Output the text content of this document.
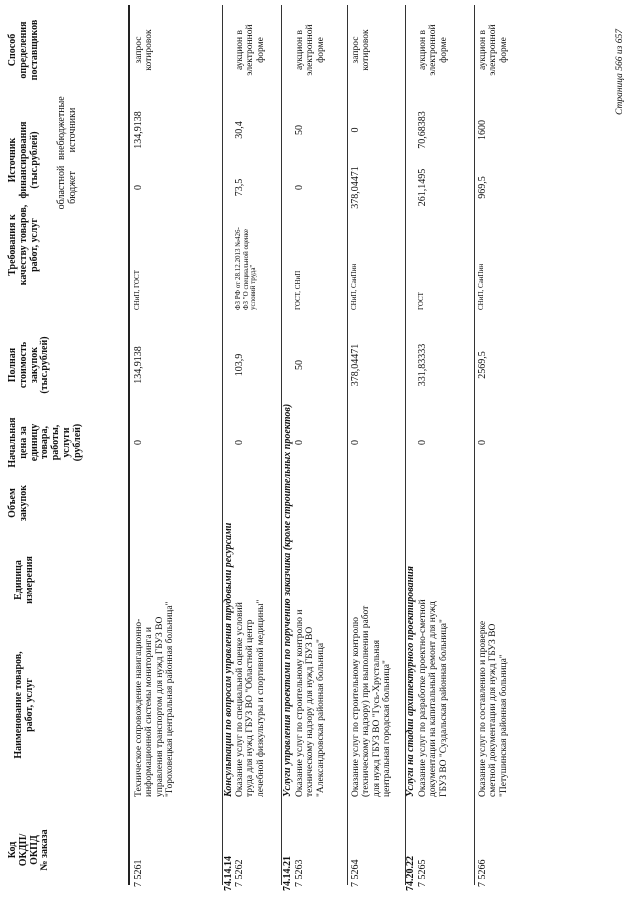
Код ОКДП/ ОКПД № заказа
Наименование товаров, работ, услуг
Единица измерения
Объем закупок
Начальная цена за единицу товара, работы, услуги (рублей)
Полная стоимость закупок (тыс.рублей)
Требования к качеству товаров, работ, услуг
Источник финансирования (тыс.рублей) областной бюджет
внебюджетные источники
Способ определения поставщиков
7 5261
Техническое сопровождение навигационно-информационной системы мониторинга и управления транспортом для нужд ГБУЗ ВО "Гороховецкая центральная районная больница"
0
134,9138
СНиП, ГОСТ
0
134,9138
запрос котировок
74.14.14
Консультации по вопросам управления трудовыми ресурсами
7 5262
Оказание услуг по специальной оценке условий труда для нужд ГБУЗ ВО "Областной центр лечебной физкультуры и спортивной медицины"
0
103,9
ФЗ РФ от 28.12.2013 №426- ФЗ "О специальной оценке условий труда"
73,5
30,4
аукцион в электронной форме
74.14.21
Услуги управления проектами по поручению заказчика (кроме строительных проектов)
7 5263
Оказание услуг по строительному контролю и техническому надзору для нужд ГБУЗ ВО "Александровская районная больница"
0
50
ГОСТ, СНиП
0
50
аукцион в электронной форме
7 5264
Оказание услуг по строительному контролю (техническому надзору) при выполнении работ для нужд ГБУЗ ВО "Гусь-Хрустальная центральная городская больница"
0
378,04471
СНиП, СанПин
378,04471
0
запрос котировок
74.20.22
Услуги на стадии архитектурного проектирования
7 5265
Оказание услуг по разработке проектно-сметной документации на капитальный ремонт для нужд ГБУЗ ВО "Суздальская районная больница"
0
331,83333
ГОСТ
261,1495
70,68383
аукцион в электронной форме
7 5266
Оказание услуг по составлению и проверке сметной документации для нужд ГБУЗ ВО "Петушинская районная больница"
0
2569,5
СНиП, СанПин
969,5
1600
аукцион в электронной форме	Страница 566 из 657
